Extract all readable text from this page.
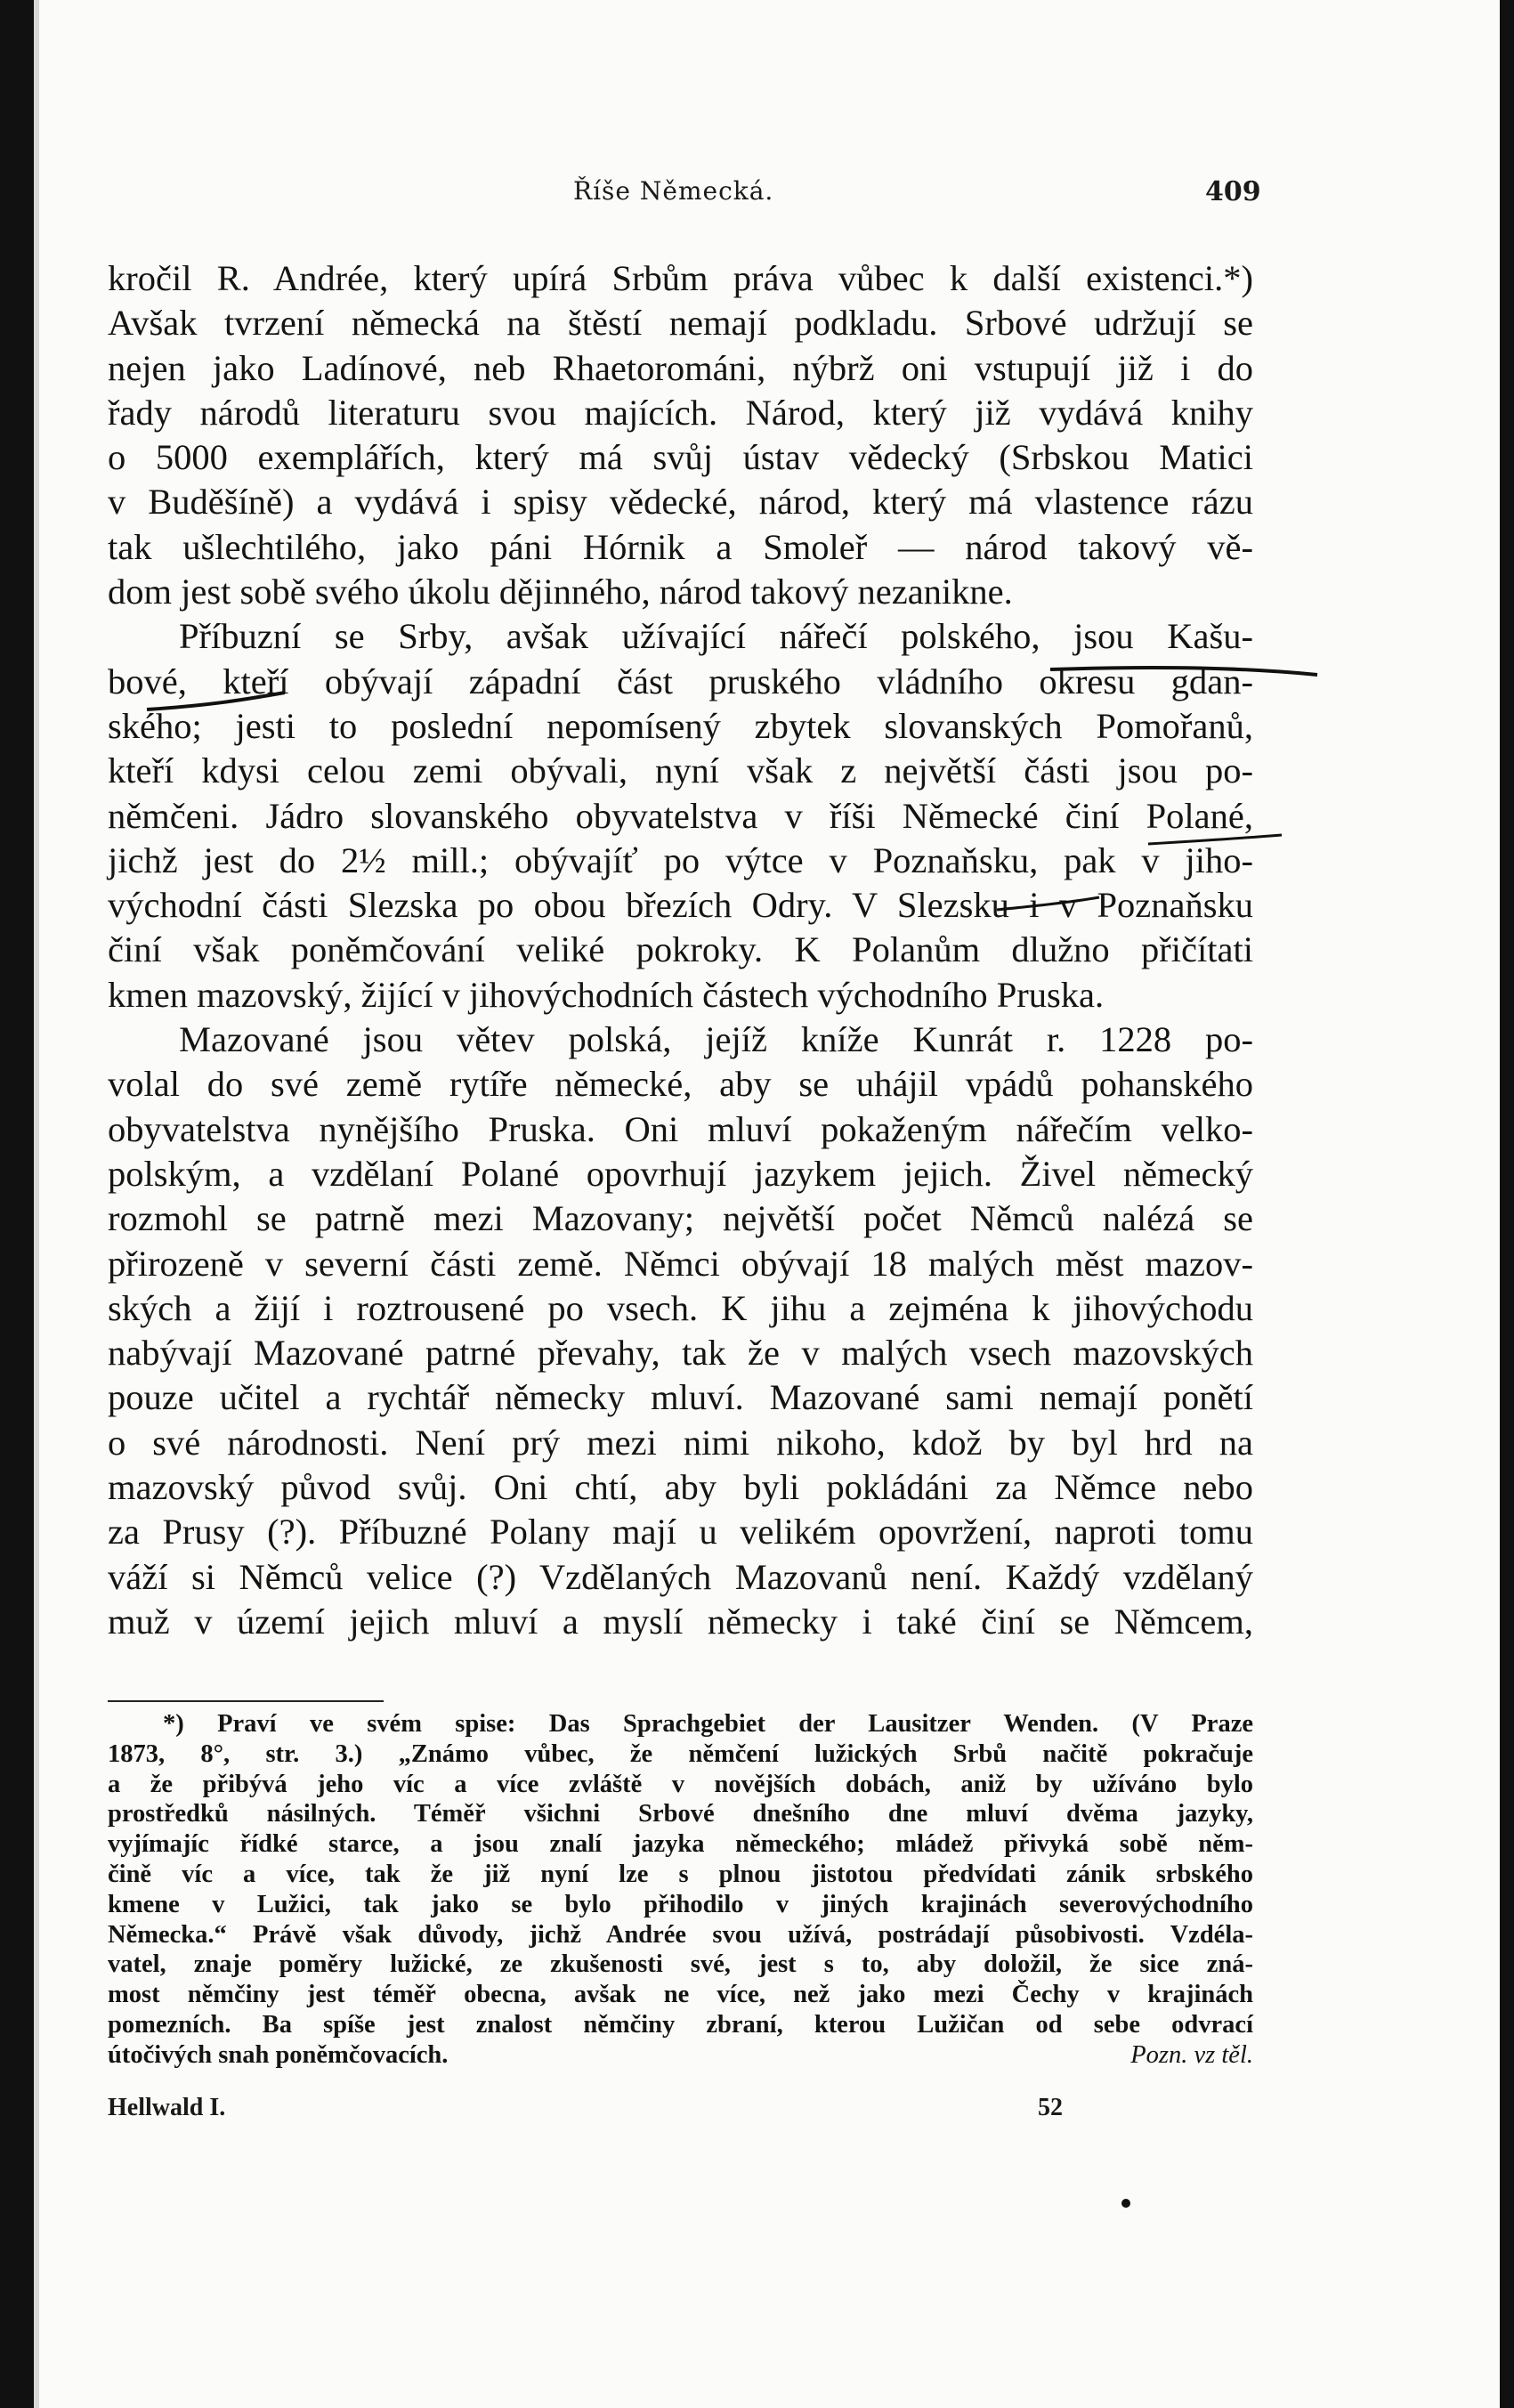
Říše Německá.	409
kročil R. Andrée, který upírá Srbům práva vůbec k další existenci.*)
Avšak tvrzení německá na štěstí nemají podkladu. Srbové udržují se
nejen jako Ladínové, neb Rhaetorománi, nýbrž oni vstupují již i do
řady národů literaturu svou majících. Národ, který již vydává knihy
o 5000 exemplářích, který má svůj ústav vědecký (Srbskou Matici
v Buděšíně) a vydává i spisy vědecké, národ, který má vlastence rázu
tak ušlechtilého, jako páni Hórnik a Smoleř — národ takový vě-
dom jest sobě svého úkolu dějinného, národ takový nezanikne.
Příbuzní se Srby, avšak užívající nářečí polského, jsou Kašu-
bové, kteří obývají západní část pruského vládního okresu gdan-
ského; jesti to poslední nepomísený zbytek slovanských Pomořanů,
kteří kdysi celou zemi obývali, nyní však z největší části jsou po-
němčeni. Jádro slovanského obyvatelstva v říši Německé činí Polané,
jichž jest do 2½ mill.; obývajíť po výtce v Poznaňsku, pak v jiho-
východní části Slezska po obou březích Odry. V Slezsku i v Poznaňsku
činí však poněmčování veliké pokroky. K Polanům dlužno přičítati
kmen mazovský, žijící v jihovýchodních částech východního Pruska.
Mazované jsou větev polská, jejíž kníže Kunrát r. 1228 po-
volal do své země rytíře německé, aby se uhájil vpádů pohanského
obyvatelstva nynějšího Pruska. Oni mluví pokaženým nářečím velko-
polským, a vzdělaní Polané opovrhují jazykem jejich. Živel německý
rozmohl se patrně mezi Mazovany; největší počet Němců nalézá se
přirozeně v severní části země. Němci obývají 18 malých měst mazov-
ských a žijí i roztrousené po vsech. K jihu a zejména k jihovýchodu
nabývají Mazované patrné převahy, tak že v malých vsech mazovských
pouze učitel a rychtář německy mluví. Mazované sami nemají ponětí
o své národnosti. Není prý mezi nimi nikoho, kdož by byl hrd na
mazovský původ svůj. Oni chtí, aby byli pokládáni za Němce nebo
za Prusy (?). Příbuzné Polany mají u velikém opovržení, naproti tomu
váží si Němců velice (?) Vzdělaných Mazovanů není. Každý vzdělaný
muž v území jejich mluví a myslí německy i také činí se Němcem,
*) Praví ve svém spise: Das Sprachgebiet der Lausitzer Wenden. (V Praze
1873, 8°, str. 3.) „Známo vůbec, že němčení lužických Srbů načitě pokračuje
a že přibývá jeho víc a více zvláště v novějších dobách, aniž by užíváno bylo
prostředků násilných. Téměř všichni Srbové dnešního dne mluví dvěma jazyky,
vyjímajíc řídké starce, a jsou znalí jazyka německého; mládež přivyká sobě něm-
čině víc a více, tak že již nyní lze s plnou jistotou předvídati zánik srbského
kmene v Lužici, tak jako se bylo přihodilo v jiných krajinách severovýchodního
Německa.“ Právě však důvody, jichž Andrée svou užívá, postrádají působivosti. Vzdéla-
vatel, znaje poměry lužické, ze zkušenosti své, jest s to, aby doložil, že sice zná-
most němčiny jest téměř obecna, avšak ne více, než jako mezi Čechy v krajinách
pomezních. Ba spíše jest znalost němčiny zbraní, kterou Lužičan od sebe odvrací
útočivých snah poněmčovacích.	Pozn. vz těl.
Hellwald I.	52
